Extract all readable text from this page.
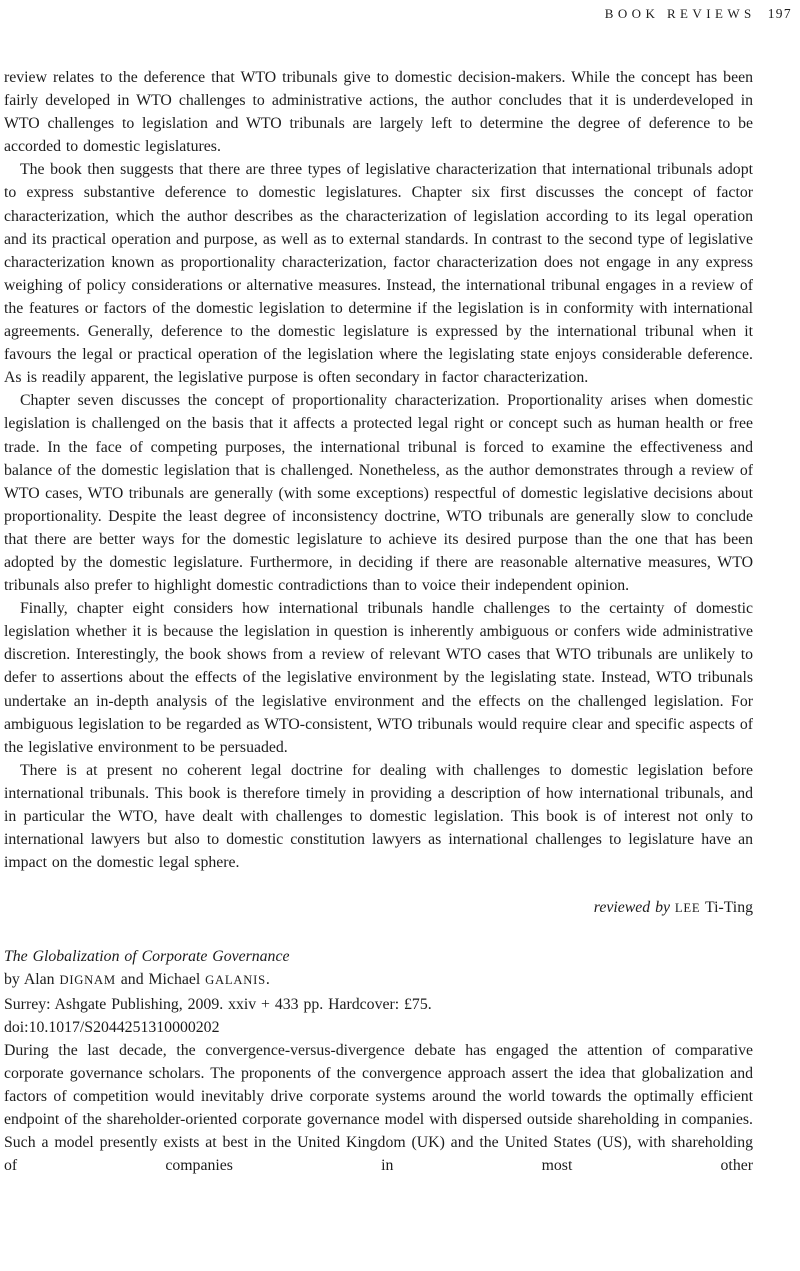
BOOK REVIEWS 197

review relates to the deference that WTO tribunals give to domestic decision-makers. While the concept has been fairly developed in WTO challenges to administrative actions, the author concludes that it is underdeveloped in WTO challenges to legislation and WTO tribunals are largely left to determine the degree of deference to be accorded to domestic legislatures.

The book then suggests that there are three types of legislative characterization that international tribunals adopt to express substantive deference to domestic legislatures. Chapter six first discusses the concept of factor characterization, which the author describes as the characterization of legislation according to its legal operation and its practical operation and purpose, as well as to external standards. In contrast to the second type of legislative characterization known as proportionality characterization, factor characterization does not engage in any express weighing of policy considerations or alternative measures. Instead, the international tribunal engages in a review of the features or factors of the domestic legislation to determine if the legislation is in conformity with international agreements. Generally, deference to the domestic legislature is expressed by the international tribunal when it favours the legal or practical operation of the legislation where the legislating state enjoys considerable deference. As is readily apparent, the legislative purpose is often secondary in factor characterization.

Chapter seven discusses the concept of proportionality characterization. Proportionality arises when domestic legislation is challenged on the basis that it affects a protected legal right or concept such as human health or free trade. In the face of competing purposes, the international tribunal is forced to examine the effectiveness and balance of the domestic legislation that is challenged. Nonetheless, as the author demonstrates through a review of WTO cases, WTO tribunals are generally (with some exceptions) respectful of domestic legislative decisions about proportionality. Despite the least degree of inconsistency doctrine, WTO tribunals are generally slow to conclude that there are better ways for the domestic legislature to achieve its desired purpose than the one that has been adopted by the domestic legislature. Furthermore, in deciding if there are reasonable alternative measures, WTO tribunals also prefer to highlight domestic contradictions than to voice their independent opinion.

Finally, chapter eight considers how international tribunals handle challenges to the certainty of domestic legislation whether it is because the legislation in question is inherently ambiguous or confers wide administrative discretion. Interestingly, the book shows from a review of relevant WTO cases that WTO tribunals are unlikely to defer to assertions about the effects of the legislative environment by the legislating state. Instead, WTO tribunals undertake an in-depth analysis of the legislative environment and the effects on the challenged legislation. For ambiguous legislation to be regarded as WTO-consistent, WTO tribunals would require clear and specific aspects of the legislative environment to be persuaded.

There is at present no coherent legal doctrine for dealing with challenges to domestic legislation before international tribunals. This book is therefore timely in providing a description of how international tribunals, and in particular the WTO, have dealt with challenges to domestic legislation. This book is of interest not only to international lawyers but also to domestic constitution lawyers as international challenges to legislature have an impact on the domestic legal sphere.

reviewed by LEE Ti-Ting

The Globalization of Corporate Governance

by Alan DIGNAM and Michael GALANIS.

Surrey: Ashgate Publishing, 2009. xxiv + 433 pp. Hardcover: £75.

doi:10.1017/S2044251310000202

During the last decade, the convergence-versus-divergence debate has engaged the attention of comparative corporate governance scholars. The proponents of the convergence approach assert the idea that globalization and factors of competition would inevitably drive corporate systems around the world towards the optimally efficient endpoint of the shareholder-oriented corporate governance model with dispersed outside shareholding in companies. Such a model presently exists at best in the United Kingdom (UK) and the United States (US), with shareholding of companies in most other
